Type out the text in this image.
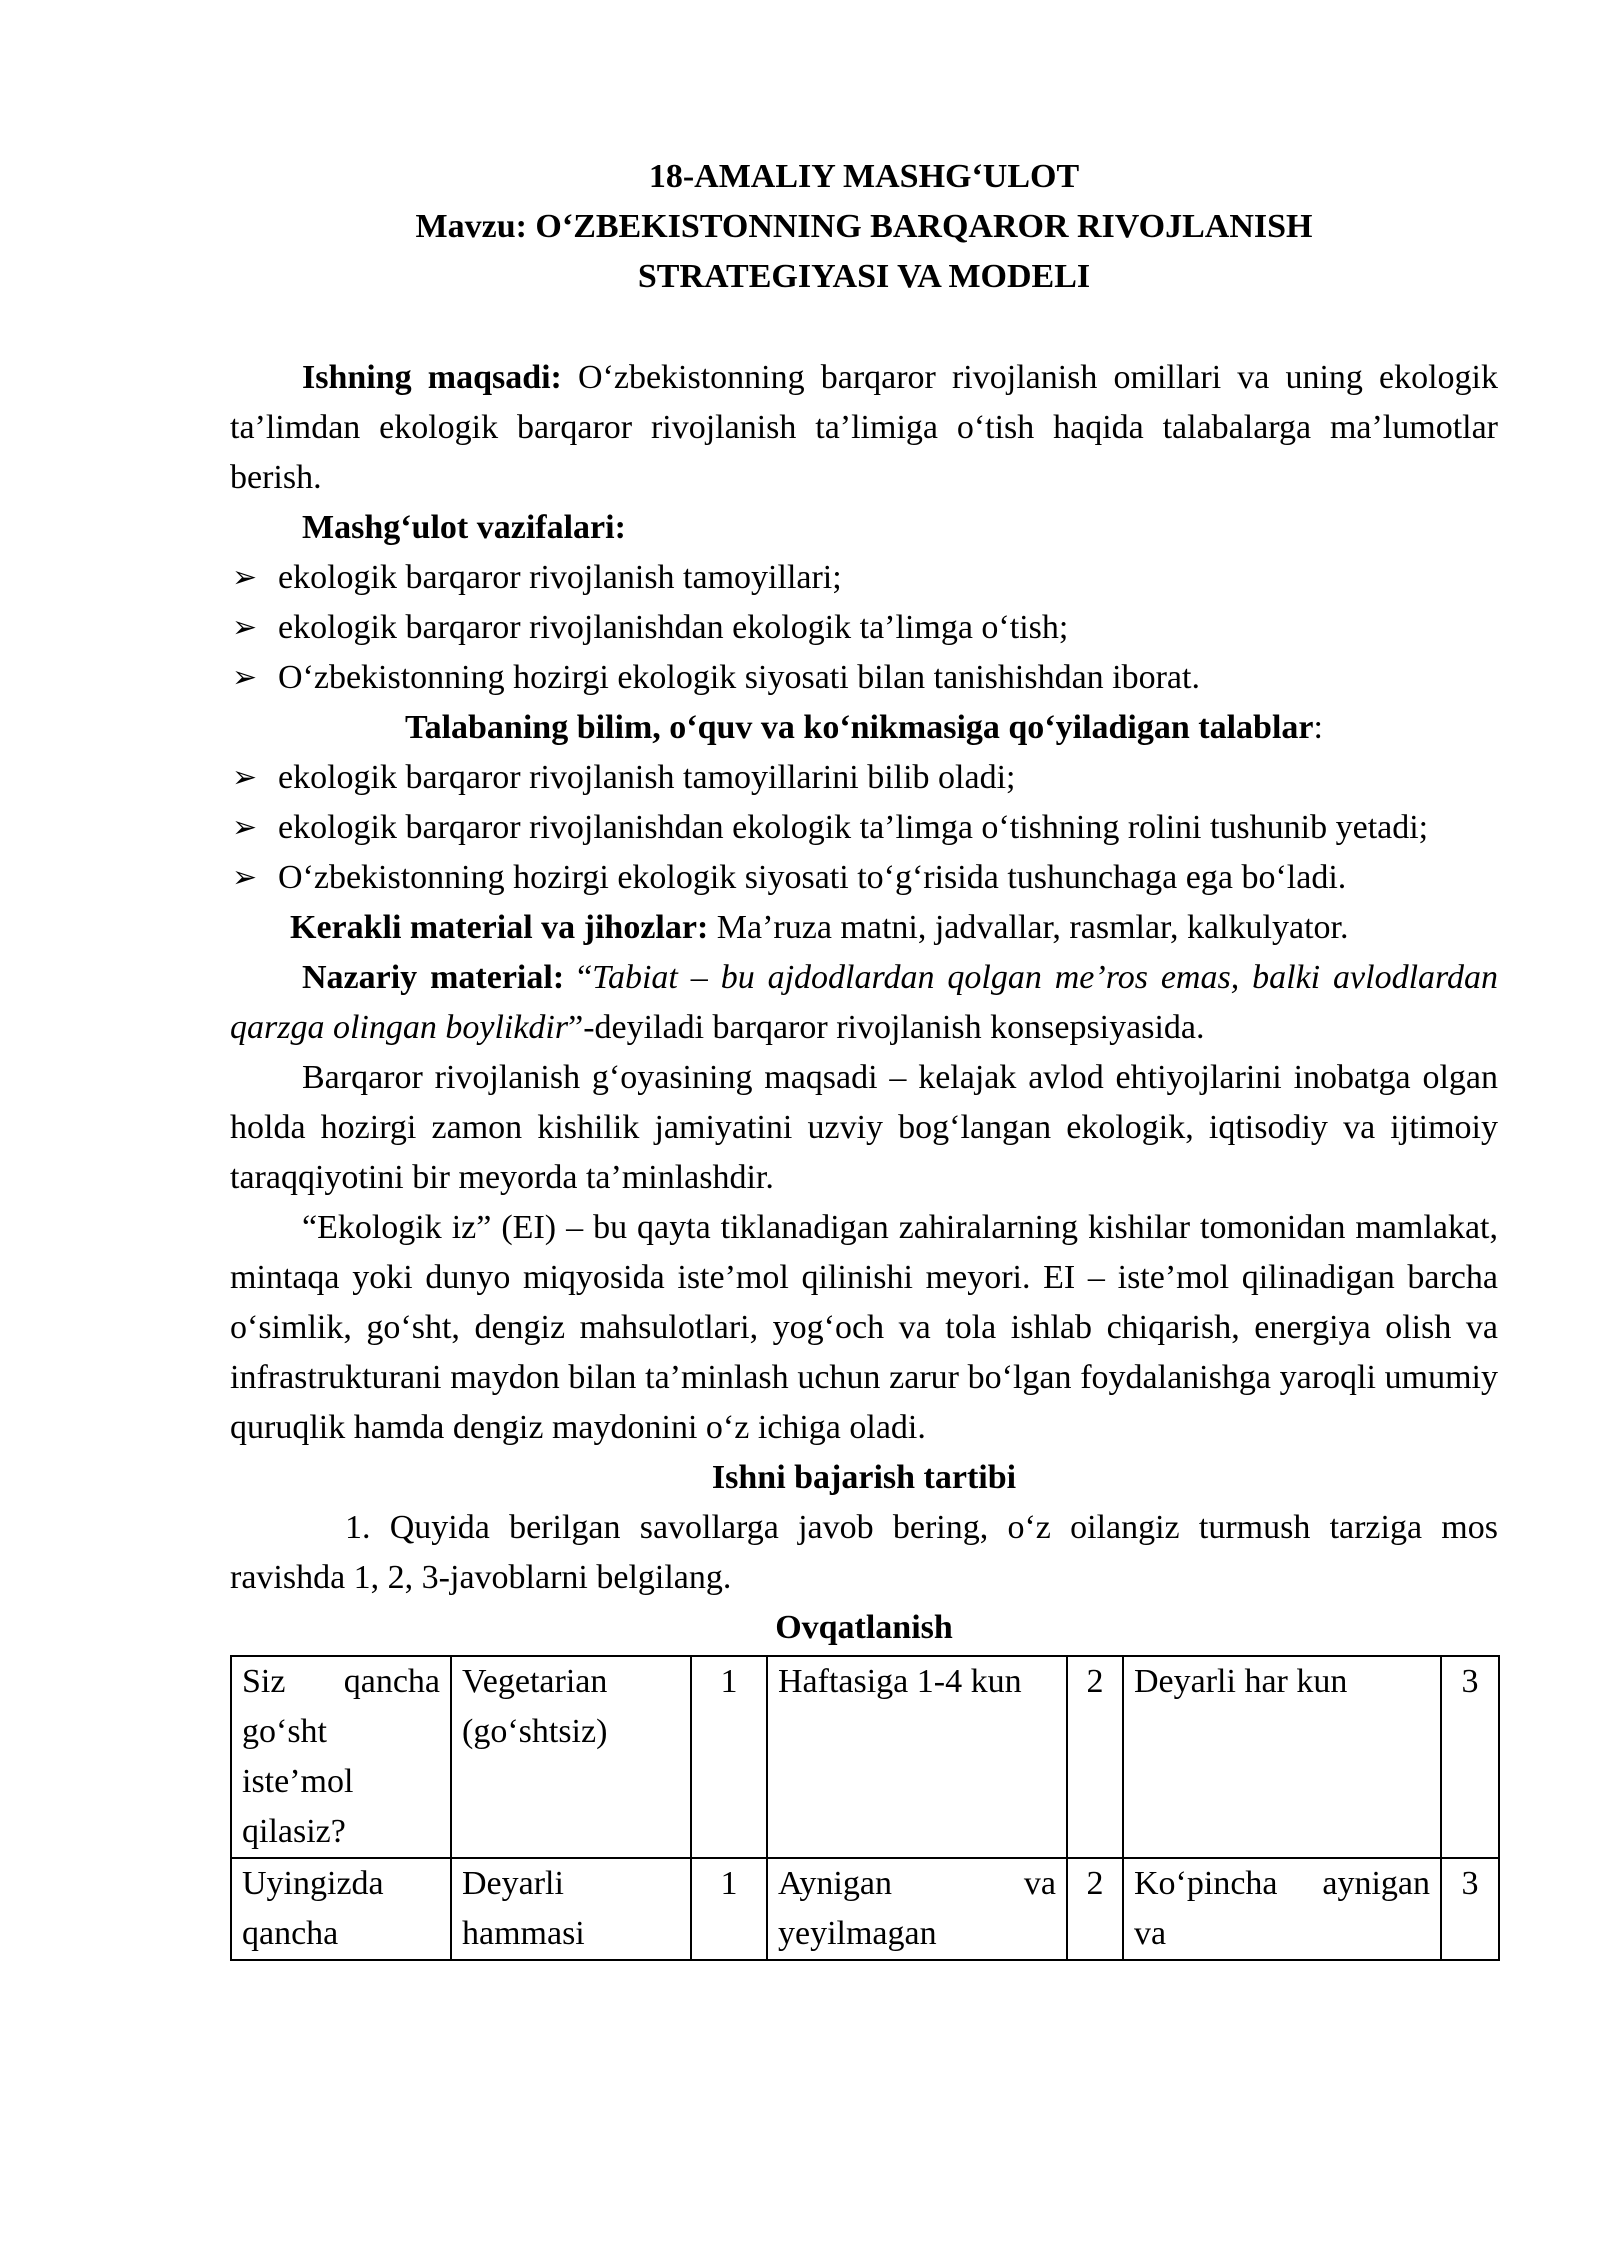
18-AMALIY MASHG‘ULOT
Mavzu: O‘ZBEKISTONNING BARQAROR RIVOJLANISH
STRATEGIYASI VA MODELI

Ishning maqsadi: O‘zbekistonning barqaror rivojlanish omillari va uning ekologik ta’limdan ekologik barqaror rivojlanish ta’limiga o‘tish haqida talabalarga ma’lumotlar berish.

Mashg‘ulot vazifalari:

➢ ekologik barqaror rivojlanish tamoyillari;
➢ ekologik barqaror rivojlanishdan ekologik ta’limga o‘tish;
➢ O‘zbekistonning hozirgi ekologik siyosati bilan tanishishdan iborat.

Talabaning bilim, o‘quv va ko‘nikmasiga qo‘yiladigan talablar:

➢ ekologik barqaror rivojlanish tamoyillarini bilib oladi;
➢ ekologik barqaror rivojlanishdan ekologik ta’limga o‘tishning rolini tushunib yetadi;
➢ O‘zbekistonning hozirgi ekologik siyosati to‘g‘risida tushunchaga ega bo‘ladi.

Kerakli material va jihozlar: Ma’ruza matni, jadvallar, rasmlar, kalkulyator.

Nazariy material: “Tabiat – bu ajdodlardan qolgan me’ros emas, balki avlodlardan qarzga olingan boylikdir”-deyiladi barqaror rivojlanish konsepsiyasida.

Barqaror rivojlanish g‘oyasining maqsadi – kelajak avlod ehtiyojlarini inobatga olgan holda hozirgi zamon kishilik jamiyatini uzviy bog‘langan ekologik, iqtisodiy va ijtimoiy taraqqiyotini bir meyorda ta’minlashdir.

“Ekologik iz” (EI) – bu qayta tiklanadigan zahiralarning kishilar tomonidan mamlakat, mintaqa yoki dunyo miqyosida iste’mol qilinishi meyori. EI – iste’mol qilinadigan barcha o‘simlik, go‘sht, dengiz mahsulotlari, yog‘och va tola ishlab chiqarish, energiya olish va infrastrukturani maydon bilan ta’minlash uchun zarur bo‘lgan foydalanishga yaroqli umumiy quruqlik hamda dengiz maydonini o‘z ichiga oladi.

Ishni bajarish tartibi

1. Quyida berilgan savollarga javob bering, o‘z oilangiz turmush tarziga mos ravishda 1, 2, 3-javoblarni belgilang.

Ovqatlanish

Siz qancha go‘sht iste’mol qilasiz?	Vegetarian (go‘shtsiz)	1	Haftasiga 1-4 kun	2	Deyarli har kun	3
Uyingizda qancha	Deyarli hammasi	1	Aynigan va yeyilmagan	2	Ko‘pincha aynigan va	3
